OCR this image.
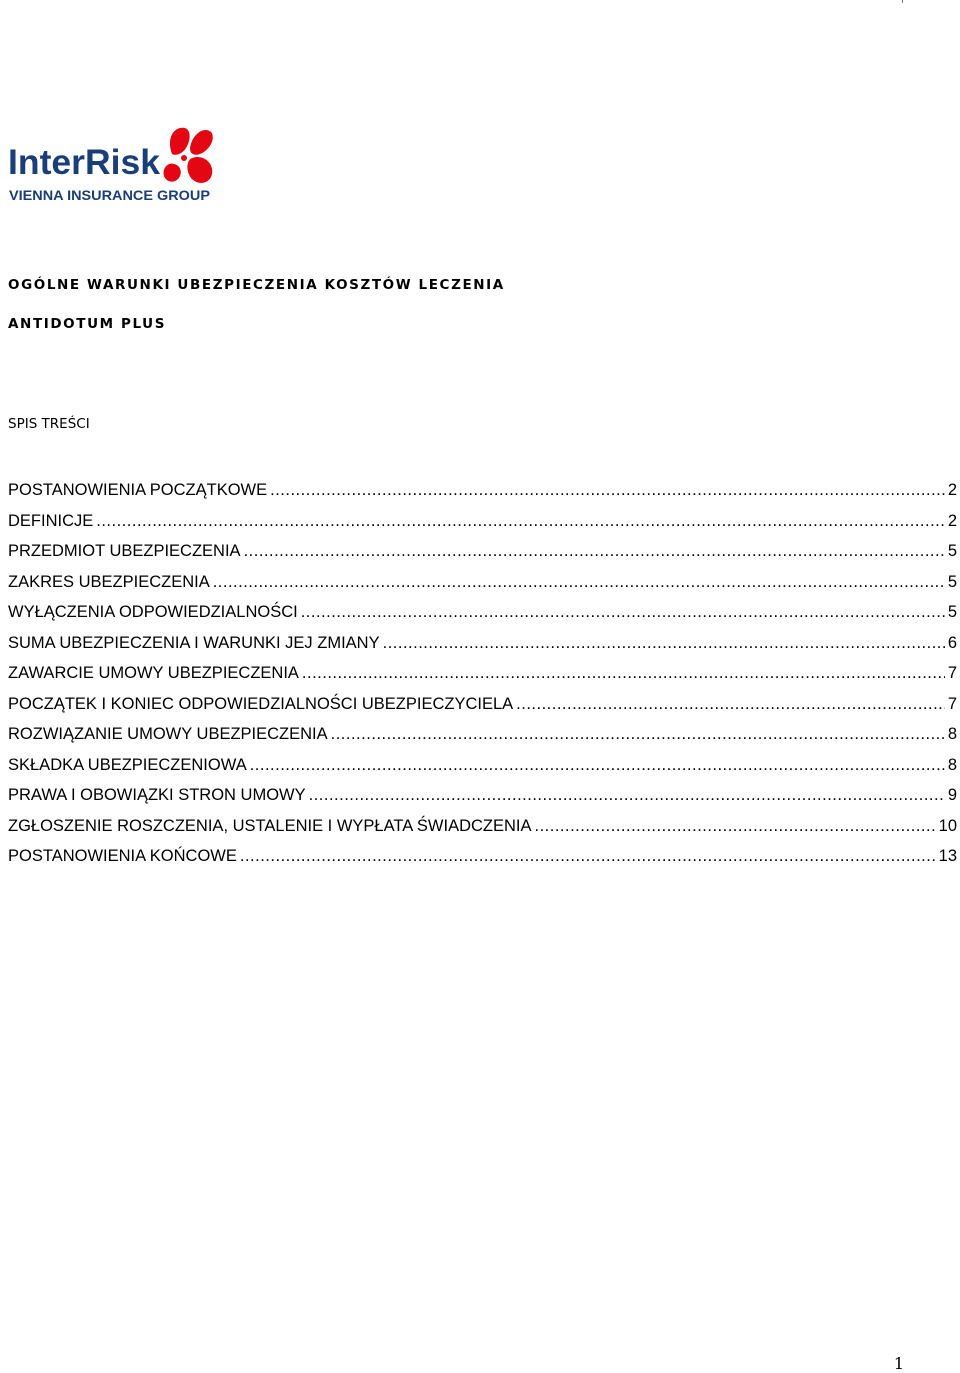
InterRisk
VIENNA INSURANCE GROUP
OGÓLNE WARUNKI UBEZPIECZENIA KOSZTÓW LECZENIA
ANTIDOTUM PLUS
SPIS TREŚCI
POSTANOWIENIA POCZĄTKOWE .....	2
DEFINICJE .....	2
PRZEDMIOT UBEZPIECZENIA .....	5
ZAKRES UBEZPIECZENIA .....	5
WYŁĄCZENIA ODPOWIEDZIALNOŚCI .....	5
SUMA UBEZPIECZENIA I WARUNKI JEJ ZMIANY .....	6
ZAWARCIE UMOWY UBEZPIECZENIA .....	7
POCZĄTEK I KONIEC ODPOWIEDZIALNOŚCI UBEZPIECZYCIELA .....	7
ROZWIĄZANIE UMOWY UBEZPIECZENIA .....	8
SKŁADKA UBEZPIECZENIOWA .....	8
PRAWA I OBOWIĄZKI STRON UMOWY .....	9
ZGŁOSZENIE ROSZCZENIA, USTALENIE I WYPŁATA ŚWIADCZENIA .....	10
POSTANOWIENIA KOŃCOWE .....	13
1
